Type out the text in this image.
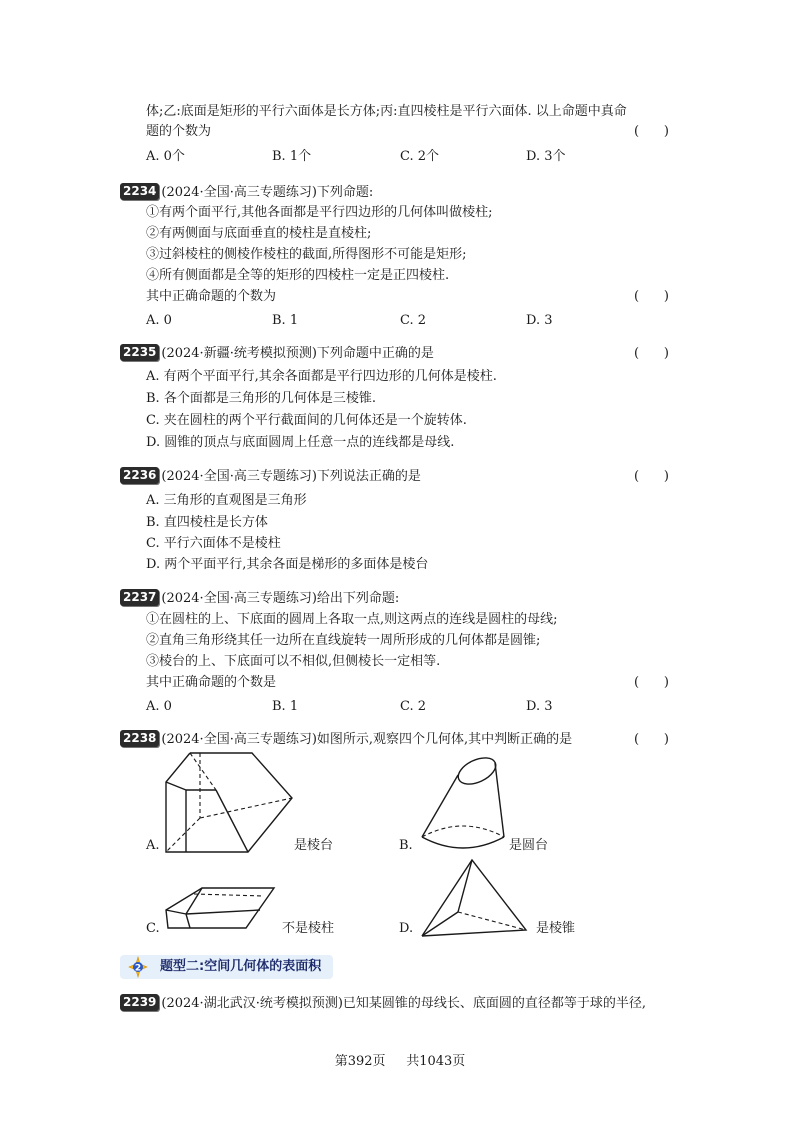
体;乙:底面是矩形的平行六面体是长方体;丙:直四棱柱是平行六面体. 以上命题中真命
题的个数为	(      )
A. 0个	B. 1个	C. 2个	D. 3个
2234 (2024·全国·高三专题练习)下列命题:
①有两个面平行,其他各面都是平行四边形的几何体叫做棱柱;
②有两侧面与底面垂直的棱柱是直棱柱;
③过斜棱柱的侧棱作棱柱的截面,所得图形不可能是矩形;
④所有侧面都是全等的矩形的四棱柱一定是正四棱柱.
其中正确命题的个数为	(      )
A. 0	B. 1	C. 2	D. 3
2235 (2024·新疆·统考模拟预测)下列命题中正确的是	(      )
A. 有两个平面平行,其余各面都是平行四边形的几何体是棱柱.
B. 各个面都是三角形的几何体是三棱锥.
C. 夹在圆柱的两个平行截面间的几何体还是一个旋转体.
D. 圆锥的顶点与底面圆周上任意一点的连线都是母线.
2236 (2024·全国·高三专题练习)下列说法正确的是	(      )
A. 三角形的直观图是三角形
B. 直四棱柱是长方体
C. 平行六面体不是棱柱
D. 两个平面平行,其余各面是梯形的多面体是棱台
2237 (2024·全国·高三专题练习)给出下列命题:
①在圆柱的上、下底面的圆周上各取一点,则这两点的连线是圆柱的母线;
②直角三角形绕其任一边所在直线旋转一周所形成的几何体都是圆锥;
③棱台的上、下底面可以不相似,但侧棱长一定相等.
其中正确命题的个数是	(      )
A. 0	B. 1	C. 2	D. 3
2238 (2024·全国·高三专题练习)如图所示,观察四个几何体,其中判断正确的是	(      )
A.	是棱台	B.	是圆台
C.	不是棱柱	D.	是棱锥
2 题型二:空间几何体的表面积
2239 (2024·湖北武汉·统考模拟预测)已知某圆锥的母线长、底面圆的直径都等于球的半径,
第392页 共1043页
